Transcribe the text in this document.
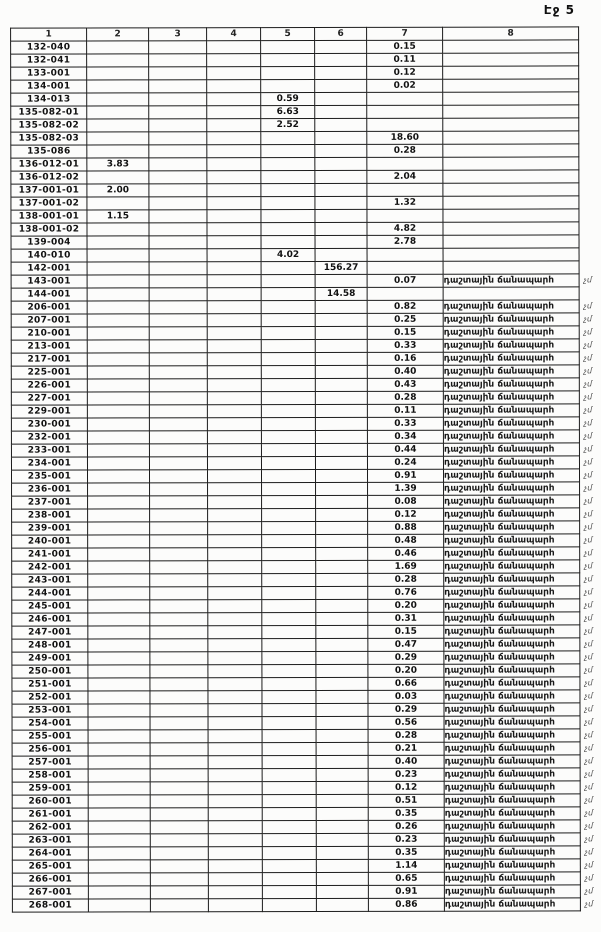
Էջ 5
1	2	3	4	5	6	7	8	
132-040						0.15		
132-041						0.11		
133-001						0.12		
134-001						0.02		
134-013				0.59				
135-082-01				6.63				
135-082-02				2.52				
135-082-03						18.60		
135-086						0.28		
136-012-01	3.83							
136-012-02						2.04		
137-001-01	2.00							
137-001-02						1.32		
138-001-01	1.15							
138-001-02						4.82		
139-004						2.78		
140-010				4.02				
142-001					156.27			
143-001						0.07	դաշտային ճանապարհ	չմ
144-001					14.58			
206-001						0.82	դաշտային ճանապարհ	չմ
207-001						0.25	դաշտային ճանապարհ	չմ
210-001						0.15	դաշտային ճանապարհ	չմ
213-001						0.33	դաշտային ճանապարհ	չմ
217-001						0.16	դաշտային ճանապարհ	չմ
225-001						0.40	դաշտային ճանապարհ	չմ
226-001						0.43	դաշտային ճանապարհ	չմ
227-001						0.28	դաշտային ճանապարհ	չմ
229-001						0.11	դաշտային ճանապարհ	չմ
230-001						0.33	դաշտային ճանապարհ	չմ
232-001						0.34	դաշտային ճանապարհ	չմ
233-001						0.44	դաշտային ճանապարհ	չմ
234-001						0.24	դաշտային ճանապարհ	չմ
235-001						0.91	դաշտային ճանապարհ	չմ
236-001						1.39	դաշտային ճանապարհ	չմ
237-001						0.08	դաշտային ճանապարհ	չմ
238-001						0.12	դաշտային ճանապարհ	չմ
239-001						0.88	դաշտային ճանապարհ	չմ
240-001						0.48	դաշտային ճանապարհ	չմ
241-001						0.46	դաշտային ճանապարհ	չմ
242-001						1.69	դաշտային ճանապարհ	չմ
243-001						0.28	դաշտային ճանապարհ	չմ
244-001						0.76	դաշտային ճանապարհ	չմ
245-001						0.20	դաշտային ճանապարհ	չմ
246-001						0.31	դաշտային ճանապարհ	չմ
247-001						0.15	դաշտային ճանապարհ	չմ
248-001						0.47	դաշտային ճանապարհ	չմ
249-001						0.29	դաշտային ճանապարհ	չմ
250-001						0.20	դաշտային ճանապարհ	չմ
251-001						0.66	դաշտային ճանապարհ	չմ
252-001						0.03	դաշտային ճանապարհ	չմ
253-001						0.29	դաշտային ճանապարհ	չմ
254-001						0.56	դաշտային ճանապարհ	չմ
255-001						0.28	դաշտային ճանապարհ	չմ
256-001						0.21	դաշտային ճանապարհ	չմ
257-001						0.40	դաշտային ճանապարհ	չմ
258-001						0.23	դաշտային ճանապարհ	չմ
259-001						0.12	դաշտային ճանապարհ	չմ
260-001						0.51	դաշտային ճանապարհ	չմ
261-001						0.35	դաշտային ճանապարհ	չմ
262-001						0.26	դաշտային ճանապարհ	չմ
263-001						0.23	դաշտային ճանապարհ	չմ
264-001						0.35	դաշտային ճանապարհ	չմ
265-001						1.14	դաշտային ճանապարհ	չմ
266-001						0.65	դաշտային ճանապարհ	չմ
267-001						0.91	դաշտային ճանապարհ	չմ
268-001						0.86	դաշտային ճանապարհ	չմ
